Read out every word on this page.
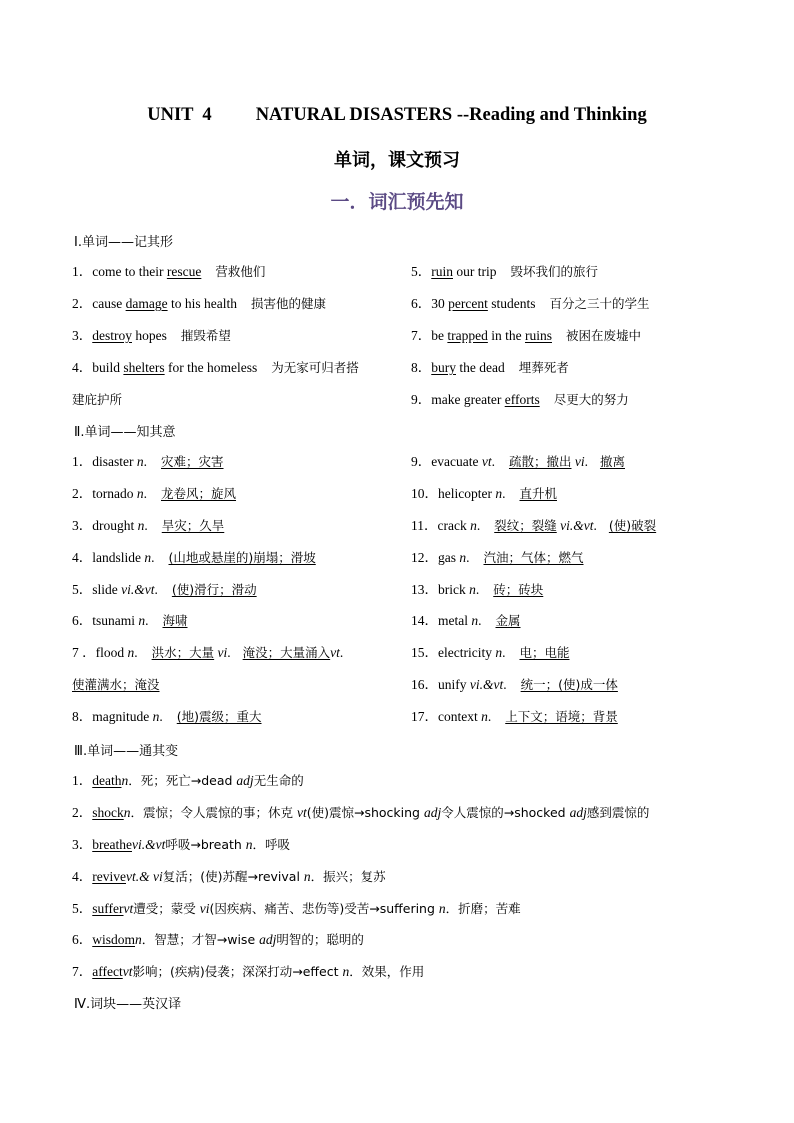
UNIT  4 NATURAL DISASTERS --Reading and Thinking
单词，课文预习
一．词汇预先知
Ⅰ.单词——记其形
1．come to their rescue 营救他们
2．cause damage to his health 损害他的健康
3．destroy hopes 摧毁希望
4．build shelters for the homeless 为无家可归者搭
5．ruin our trip 毁坏我们的旅行
6．30 percent students 百分之三十的学生
7．be trapped in the ruins 被困在废墟中
8．bury the dead 埋葬死者
9．make greater efforts 尽更大的努力
建庇护所
Ⅱ.单词——知其意
1．disaster n. 灾难；灾害
2．tornado n. 龙卷风；旋风
3．drought n. 旱灾；久旱
4．landslide n. (山地或悬崖的)崩塌；滑坡
5．slide vi.&vt. (使)滑行；滑动
6．tsunami n. 海啸
7 ．flood n. 洪水；大量 vi. 淹没；大量涌入vt.
8．magnitude n. (地)震级；重大
9．evacuate vt. 疏散；撤出 vi. 撤离
10．helicopter n. 直升机
11．crack n. 裂纹；裂缝 vi.&vt. (使)破裂
12．gas n. 汽油；气体；燃气
13．brick n. 砖；砖块
14．metal n. 金属
15．electricity n. 电；电能
16．unify vi.&vt. 统一；(使)成一体
17．context n. 上下文；语境；背景
使灌满水；淹没
Ⅲ.单词——通其变
1．deathn．死；死亡→dead adj无生命的
2．shockn．震惊；令人震惊的事；休克 vt(使)震惊→shocking adj令人震惊的→shocked adj感到震惊的
3．breathevi.&vt呼吸→breath n．呼吸
4．revivevt.& vi复活；(使)苏醒→revival n．振兴；复苏
5．suffervt遭受；蒙受 vi(因疾病、痛苦、悲伤等)受苦→suffering n．折磨；苦难
6．wisdomn．智慧；才智→wise adj明智的；聪明的
7．affectvt影响；(疾病)侵袭；深深打动→effect n．效果，作用
Ⅳ.词块——英汉译
